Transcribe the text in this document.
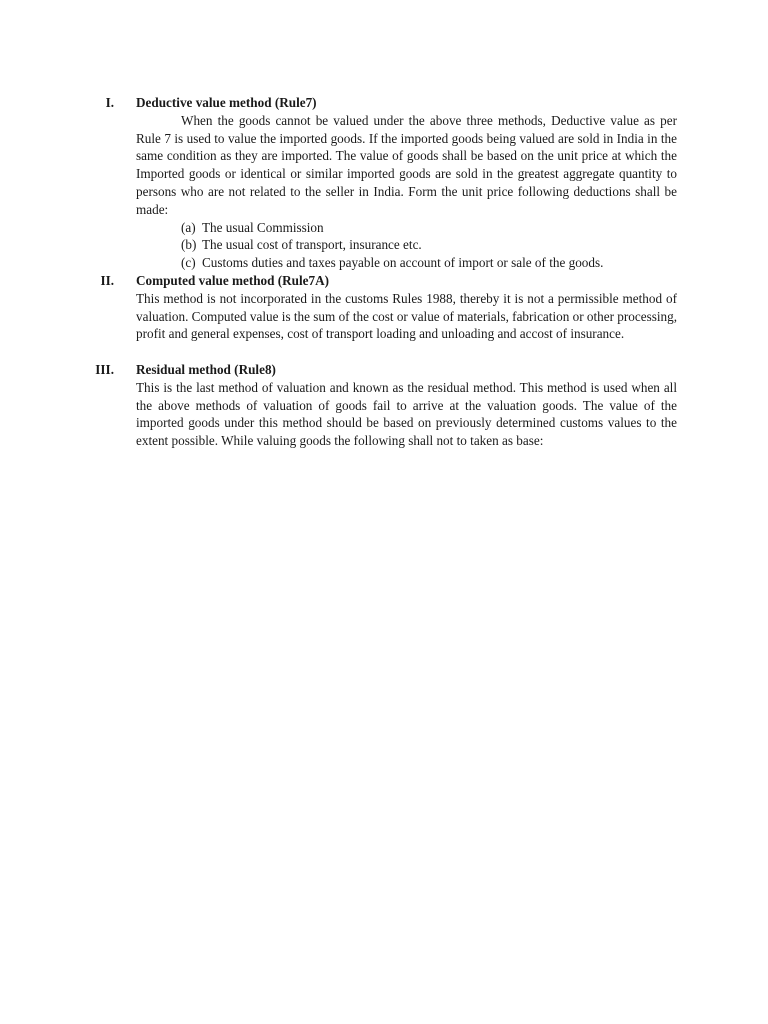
I. Deductive value method (Rule7)

When the goods cannot be valued under the above three methods, Deductive value as per Rule 7 is used to value the imported goods. If the imported goods being valued are sold in India in the same condition as they are imported. The value of goods shall be based on the unit price at which the Imported goods or identical or similar imported goods are sold in the greatest aggregate quantity to persons who are not related to the seller in India. Form the unit price following deductions shall be made:

(a) The usual Commission
(b) The usual cost of transport, insurance etc.
(c) Customs duties and taxes payable on account of import or sale of the goods.
II. Computed value method (Rule7A)

This method is not incorporated in the customs Rules 1988, thereby it is not a permissible method of valuation. Computed value is the sum of the cost or value of materials, fabrication or other processing, profit and general expenses, cost of transport loading and unloading and accost of insurance.

III. Residual method (Rule8)

This is the last method of valuation and known as the residual method. This method is used when all the above methods of valuation of goods fail to arrive at the valuation goods. The value of the imported goods under this method should be based on previously determined customs values to the extent possible. While valuing goods the following shall not to taken as base:
